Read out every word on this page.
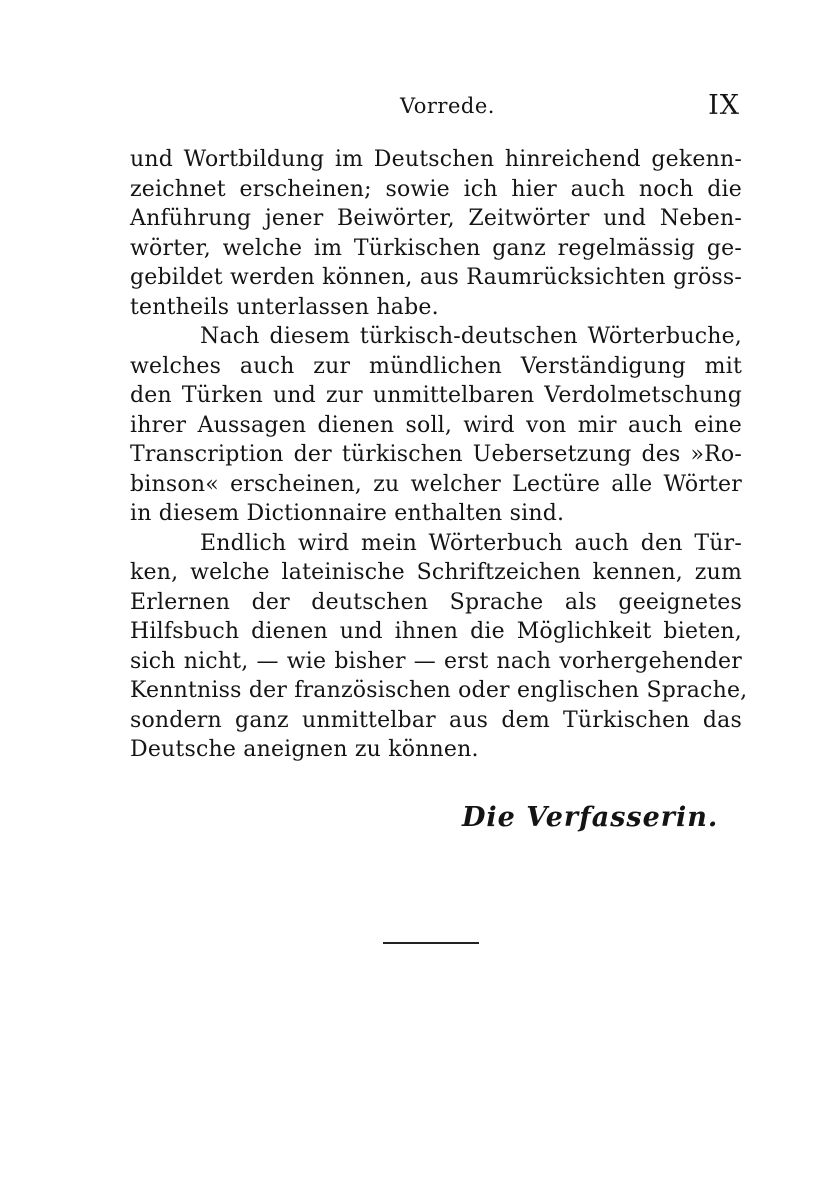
Vorrede.	IX
und Wortbildung im Deutschen hinreichend gekenn-
zeichnet erscheinen; sowie ich hier auch noch die
Anführung jener Beiwörter, Zeitwörter und Neben-
wörter, welche im Türkischen ganz regelmässig ge-
gebildet werden können, aus Raumrücksichten gröss-
tentheils unterlassen habe.
Nach diesem türkisch-deutschen Wörterbuche,
welches auch zur mündlichen Verständigung mit
den Türken und zur unmittelbaren Verdolmetschung
ihrer Aussagen dienen soll, wird von mir auch eine
Transcription der türkischen Uebersetzung des »Ro-
binson« erscheinen, zu welcher Lectüre alle Wörter
in diesem Dictionnaire enthalten sind.
Endlich wird mein Wörterbuch auch den Tür-
ken, welche lateinische Schriftzeichen kennen, zum
Erlernen der deutschen Sprache als geeignetes
Hilfsbuch dienen und ihnen die Möglichkeit bieten,
sich nicht, — wie bisher — erst nach vorhergehender
Kenntniss der französischen oder englischen Sprache,
sondern ganz unmittelbar aus dem Türkischen das
Deutsche aneignen zu können.
Die Verfasserin.
